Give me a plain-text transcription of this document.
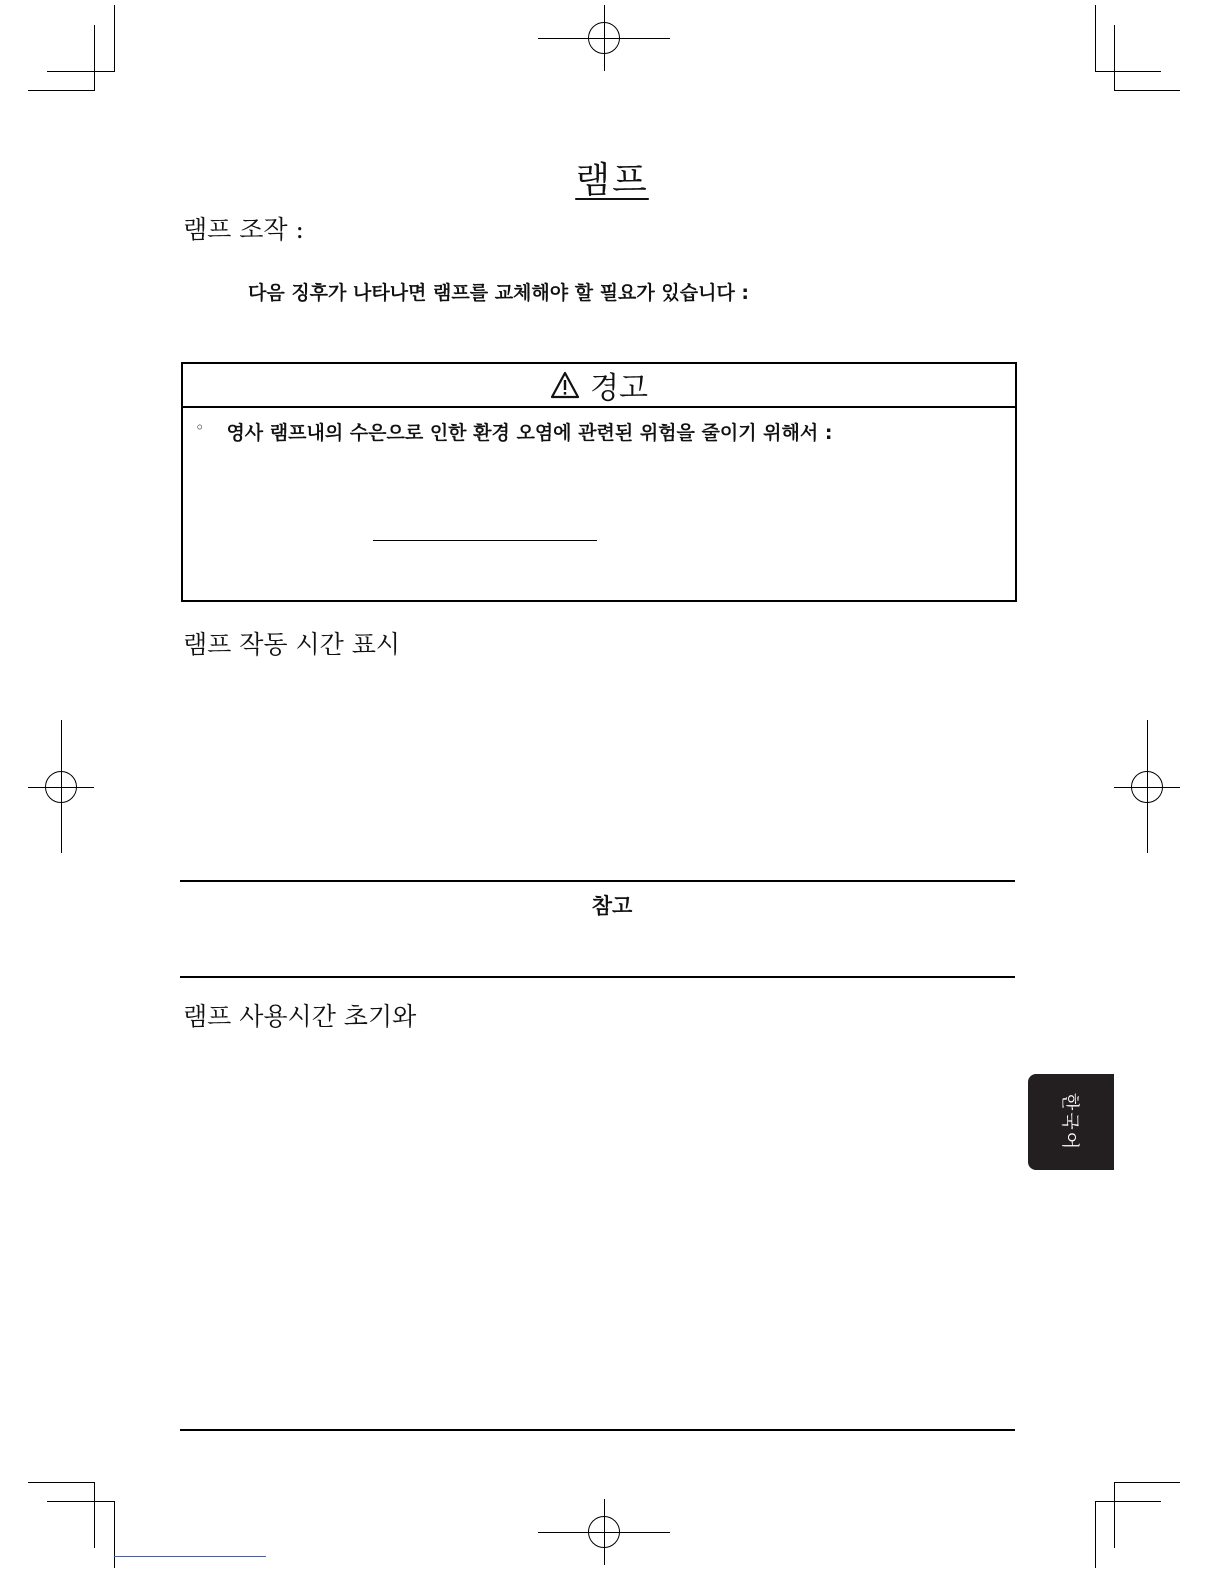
램프
램프 조작 :
다음 징후가 나타나면 램프를 교체해야 할 필요가 있습니다 :
경고
◦ 영사 램프내의 수은으로 인한 환경 오염에 관련된 위험을 줄이기 위해서 :
램프 작동 시간 표시
참고
램프 사용시간 초기와
한국어
